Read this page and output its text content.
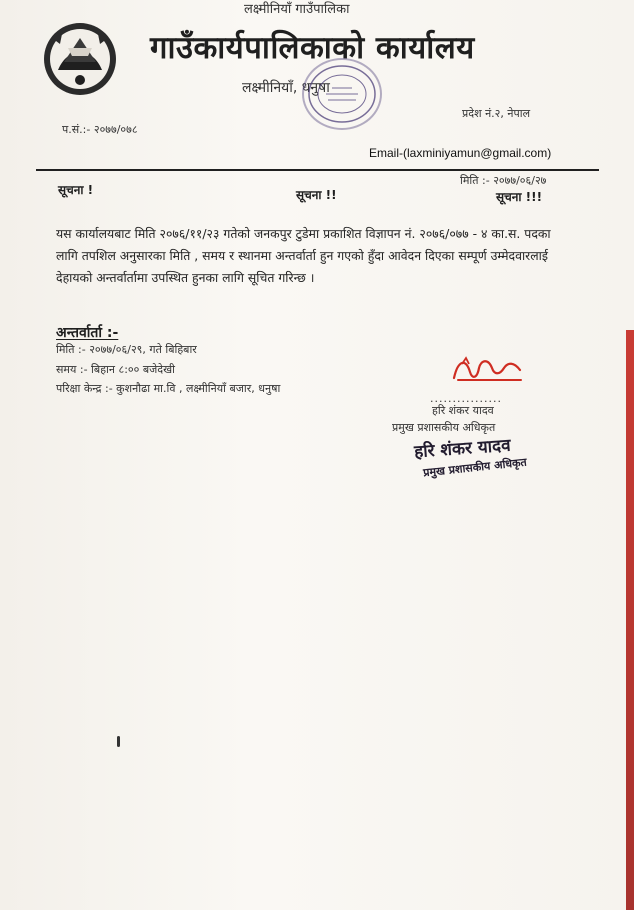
लक्ष्मीनियाँ गाउँपालिका
गाउँकार्यपालिकाको कार्यालय
लक्ष्मीनियाँ, धनुषा
प्रदेश नं.२, नेपाल
प.सं.:- २०७७/०७८
Email-(laxminiyamun@gmail.com)
मिति :- २०७७/०६/२७
सूचना !	सूचना !!	सूचना !!!
यस कार्यालयबाट मिति २०७६/११/२३ गतेको जनकपुर टुडेमा प्रकाशित विज्ञापन नं. २०७६/०७७ - ४ का.स. पदका लागि तपशिल अनुसारका मिति , समय र स्थानमा अन्तर्वार्ता हुन गएको हुँदा आवेदन दिएका सम्पूर्ण उम्मेदवारलाई देहायको अन्तर्वार्तामा उपस्थित हुनका लागि सूचित गरिन्छ ।
अन्तर्वार्ता :-
मिति :- २०७७/०६/२९, गते बिहिबार
समय :- बिहान ८:०० बजेदेखी
परिक्षा केन्द्र :- कुशनौढा मा.वि , लक्ष्मीनियाँ बजार, धनुषा
................
हरि शंकर यादव
प्रमुख प्रशासकीय अधिकृत
हरि शंकर यादव
प्रमुख प्रशासकीय अधिकृत
